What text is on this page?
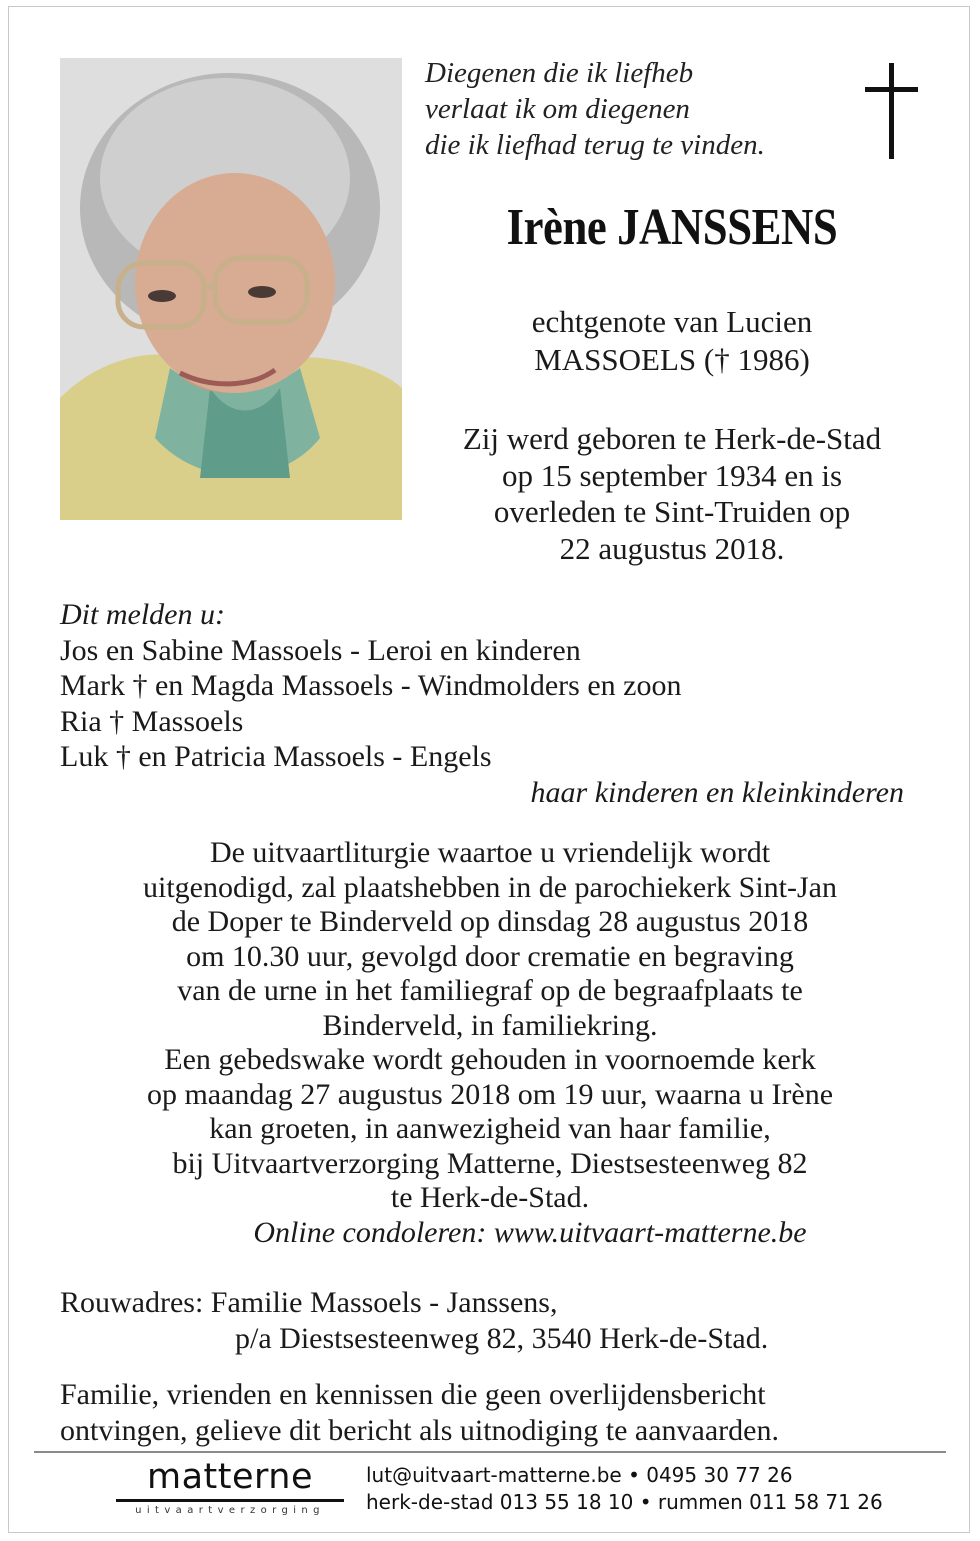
Diegenen die ik liefheb
verlaat ik om diegenen
die ik liefhad terug te vinden.
Irène JANSSENS
echtgenote van Lucien
MASSOELS († 1986)
Zij werd geboren te Herk-de-Stad
op 15 september 1934 en is
overleden te Sint-Truiden op
22 augustus 2018.
Dit melden u:
Jos en Sabine Massoels - Leroi en kinderen
Mark † en Magda Massoels - Windmolders en zoon
Ria † Massoels
Luk † en Patricia Massoels - Engels
haar kinderen en kleinkinderen
De uitvaartliturgie waartoe u vriendelijk wordt
uitgenodigd, zal plaatshebben in de parochiekerk Sint-Jan
de Doper te Binderveld op dinsdag 28 augustus 2018
om 10.30 uur, gevolgd door crematie en begraving
van de urne in het familiegraf op de begraafplaats te
Binderveld, in familiekring.
Een gebedswake wordt gehouden in voornoemde kerk
op maandag 27 augustus 2018 om 19 uur, waarna u Irène
kan groeten, in aanwezigheid van haar familie,
bij Uitvaartverzorging Matterne, Diestsesteenweg 82
te Herk-de-Stad.
Online condoleren: www.uitvaart-matterne.be
Rouwadres: Familie Massoels - Janssens,
p/a Diestsesteenweg 82, 3540 Herk-de-Stad.
Familie, vrienden en kennissen die geen overlijdensbericht
ontvingen, gelieve dit bericht als uitnodiging te aanvaarden.
matterne
uitvaartverzorging
lut@uitvaart-matterne.be • 0495 30 77 26
herk-de-stad 013 55 18 10 • rummen 011 58 71 26
